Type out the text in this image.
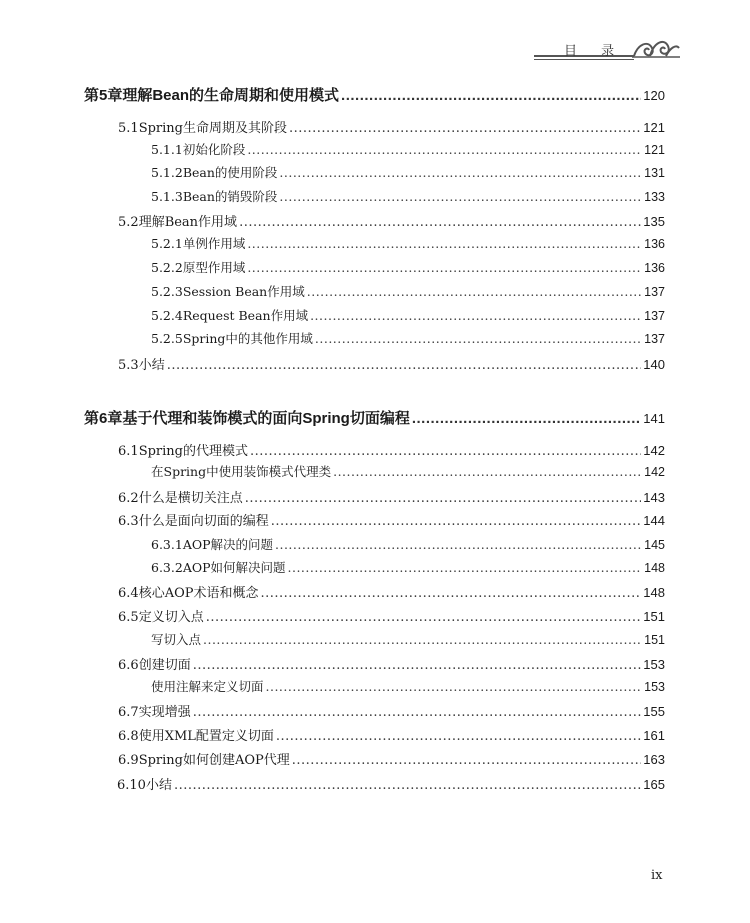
目 录
第5章 理解Bean的生命周期和使用模式 .....	120
5.1 Spring生命周期及其阶段 .....	121
5.1.1 初始化阶段 .....	121
5.1.2 Bean的使用阶段 .....	131
5.1.3 Bean的销毁阶段 .....	133
5.2 理解Bean作用域 .....	135
5.2.1 单例作用域 .....	136
5.2.2 原型作用域 .....	136
5.2.3 Session Bean作用域 .....	137
5.2.4 Request Bean作用域 .....	137
5.2.5 Spring中的其他作用域 .....	137
5.3 小结 .....	140
第6章 基于代理和装饰模式的面向Spring切面编程 .....	141
6.1 Spring的代理模式 .....	142
在Spring中使用装饰模式代理类 .....	142
6.2 什么是横切关注点 .....	143
6.3 什么是面向切面的编程 .....	144
6.3.1 AOP解决的问题 .....	145
6.3.2 AOP如何解决问题 .....	148
6.4 核心AOP术语和概念 .....	148
6.5 定义切入点 .....	151
写切入点 .....	151
6.6 创建切面 .....	153
使用注解来定义切面 .....	153
6.7 实现增强 .....	155
6.8 使用XML配置定义切面 .....	161
6.9 Spring如何创建AOP代理 .....	163
6.10 小结 .....	165
ix
